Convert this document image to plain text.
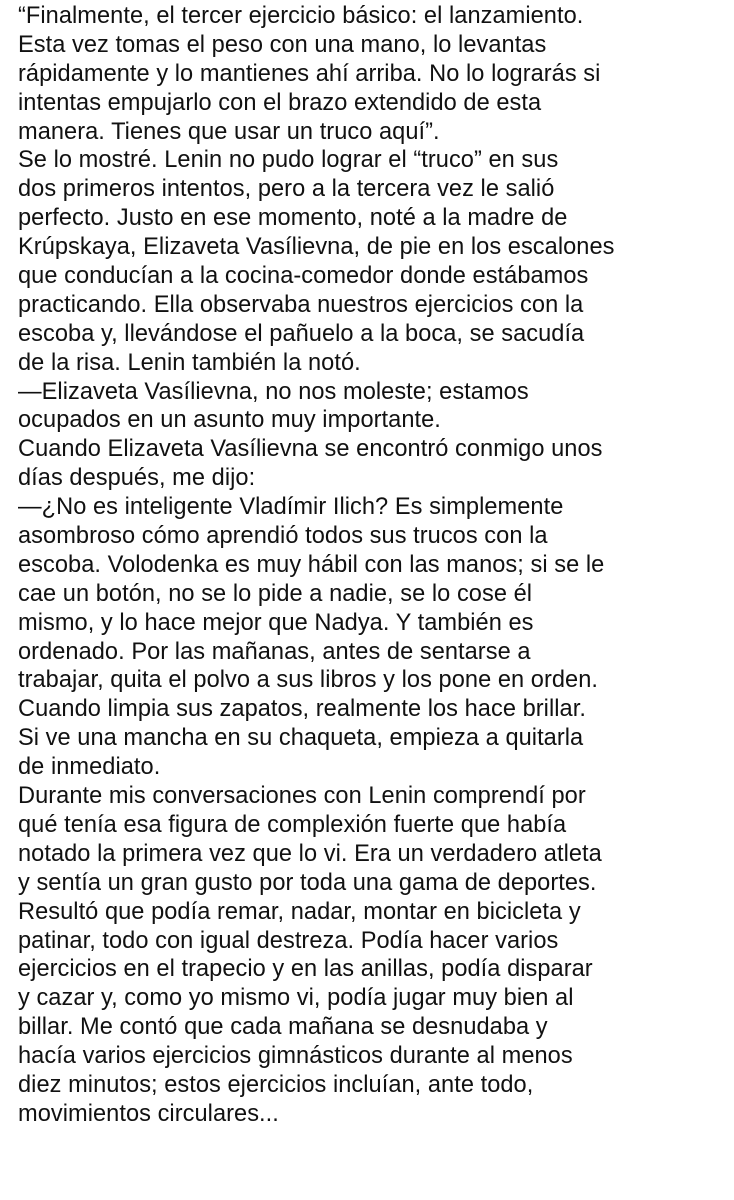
“Finalmente, el tercer ejercicio básico: el lanzamiento.
Esta vez tomas el peso con una mano, lo levantas
rápidamente y lo mantienes ahí arriba. No lo lograrás si
intentas empujarlo con el brazo extendido de esta
manera. Tienes que usar un truco aquí”.
Se lo mostré. Lenin no pudo lograr el “truco” en sus
dos primeros intentos, pero a la tercera vez le salió
perfecto. Justo en ese momento, noté a la madre de
Krúpskaya, Elizaveta Vasílievna, de pie en los escalones
que conducían a la cocina-comedor donde estábamos
practicando. Ella observaba nuestros ejercicios con la
escoba y, llevándose el pañuelo a la boca, se sacudía
de la risa. Lenin también la notó.
—Elizaveta Vasílievna, no nos moleste; estamos
ocupados en un asunto muy importante.
Cuando Elizaveta Vasílievna se encontró conmigo unos
días después, me dijo:
—¿No es inteligente Vladímir Ilich? Es simplemente
asombroso cómo aprendió todos sus trucos con la
escoba. Volodenka es muy hábil con las manos; si se le
cae un botón, no se lo pide a nadie, se lo cose él
mismo, y lo hace mejor que Nadya. Y también es
ordenado. Por las mañanas, antes de sentarse a
trabajar, quita el polvo a sus libros y los pone en orden.
Cuando limpia sus zapatos, realmente los hace brillar.
Si ve una mancha en su chaqueta, empieza a quitarla
de inmediato.
Durante mis conversaciones con Lenin comprendí por
qué tenía esa figura de complexión fuerte que había
notado la primera vez que lo vi. Era un verdadero atleta
y sentía un gran gusto por toda una gama de deportes.
Resultó que podía remar, nadar, montar en bicicleta y
patinar, todo con igual destreza. Podía hacer varios
ejercicios en el trapecio y en las anillas, podía disparar
y cazar y, como yo mismo vi, podía jugar muy bien al
billar. Me contó que cada mañana se desnudaba y
hacía varios ejercicios gimnásticos durante al menos
diez minutos; estos ejercicios incluían, ante todo,
movimientos circulares...
